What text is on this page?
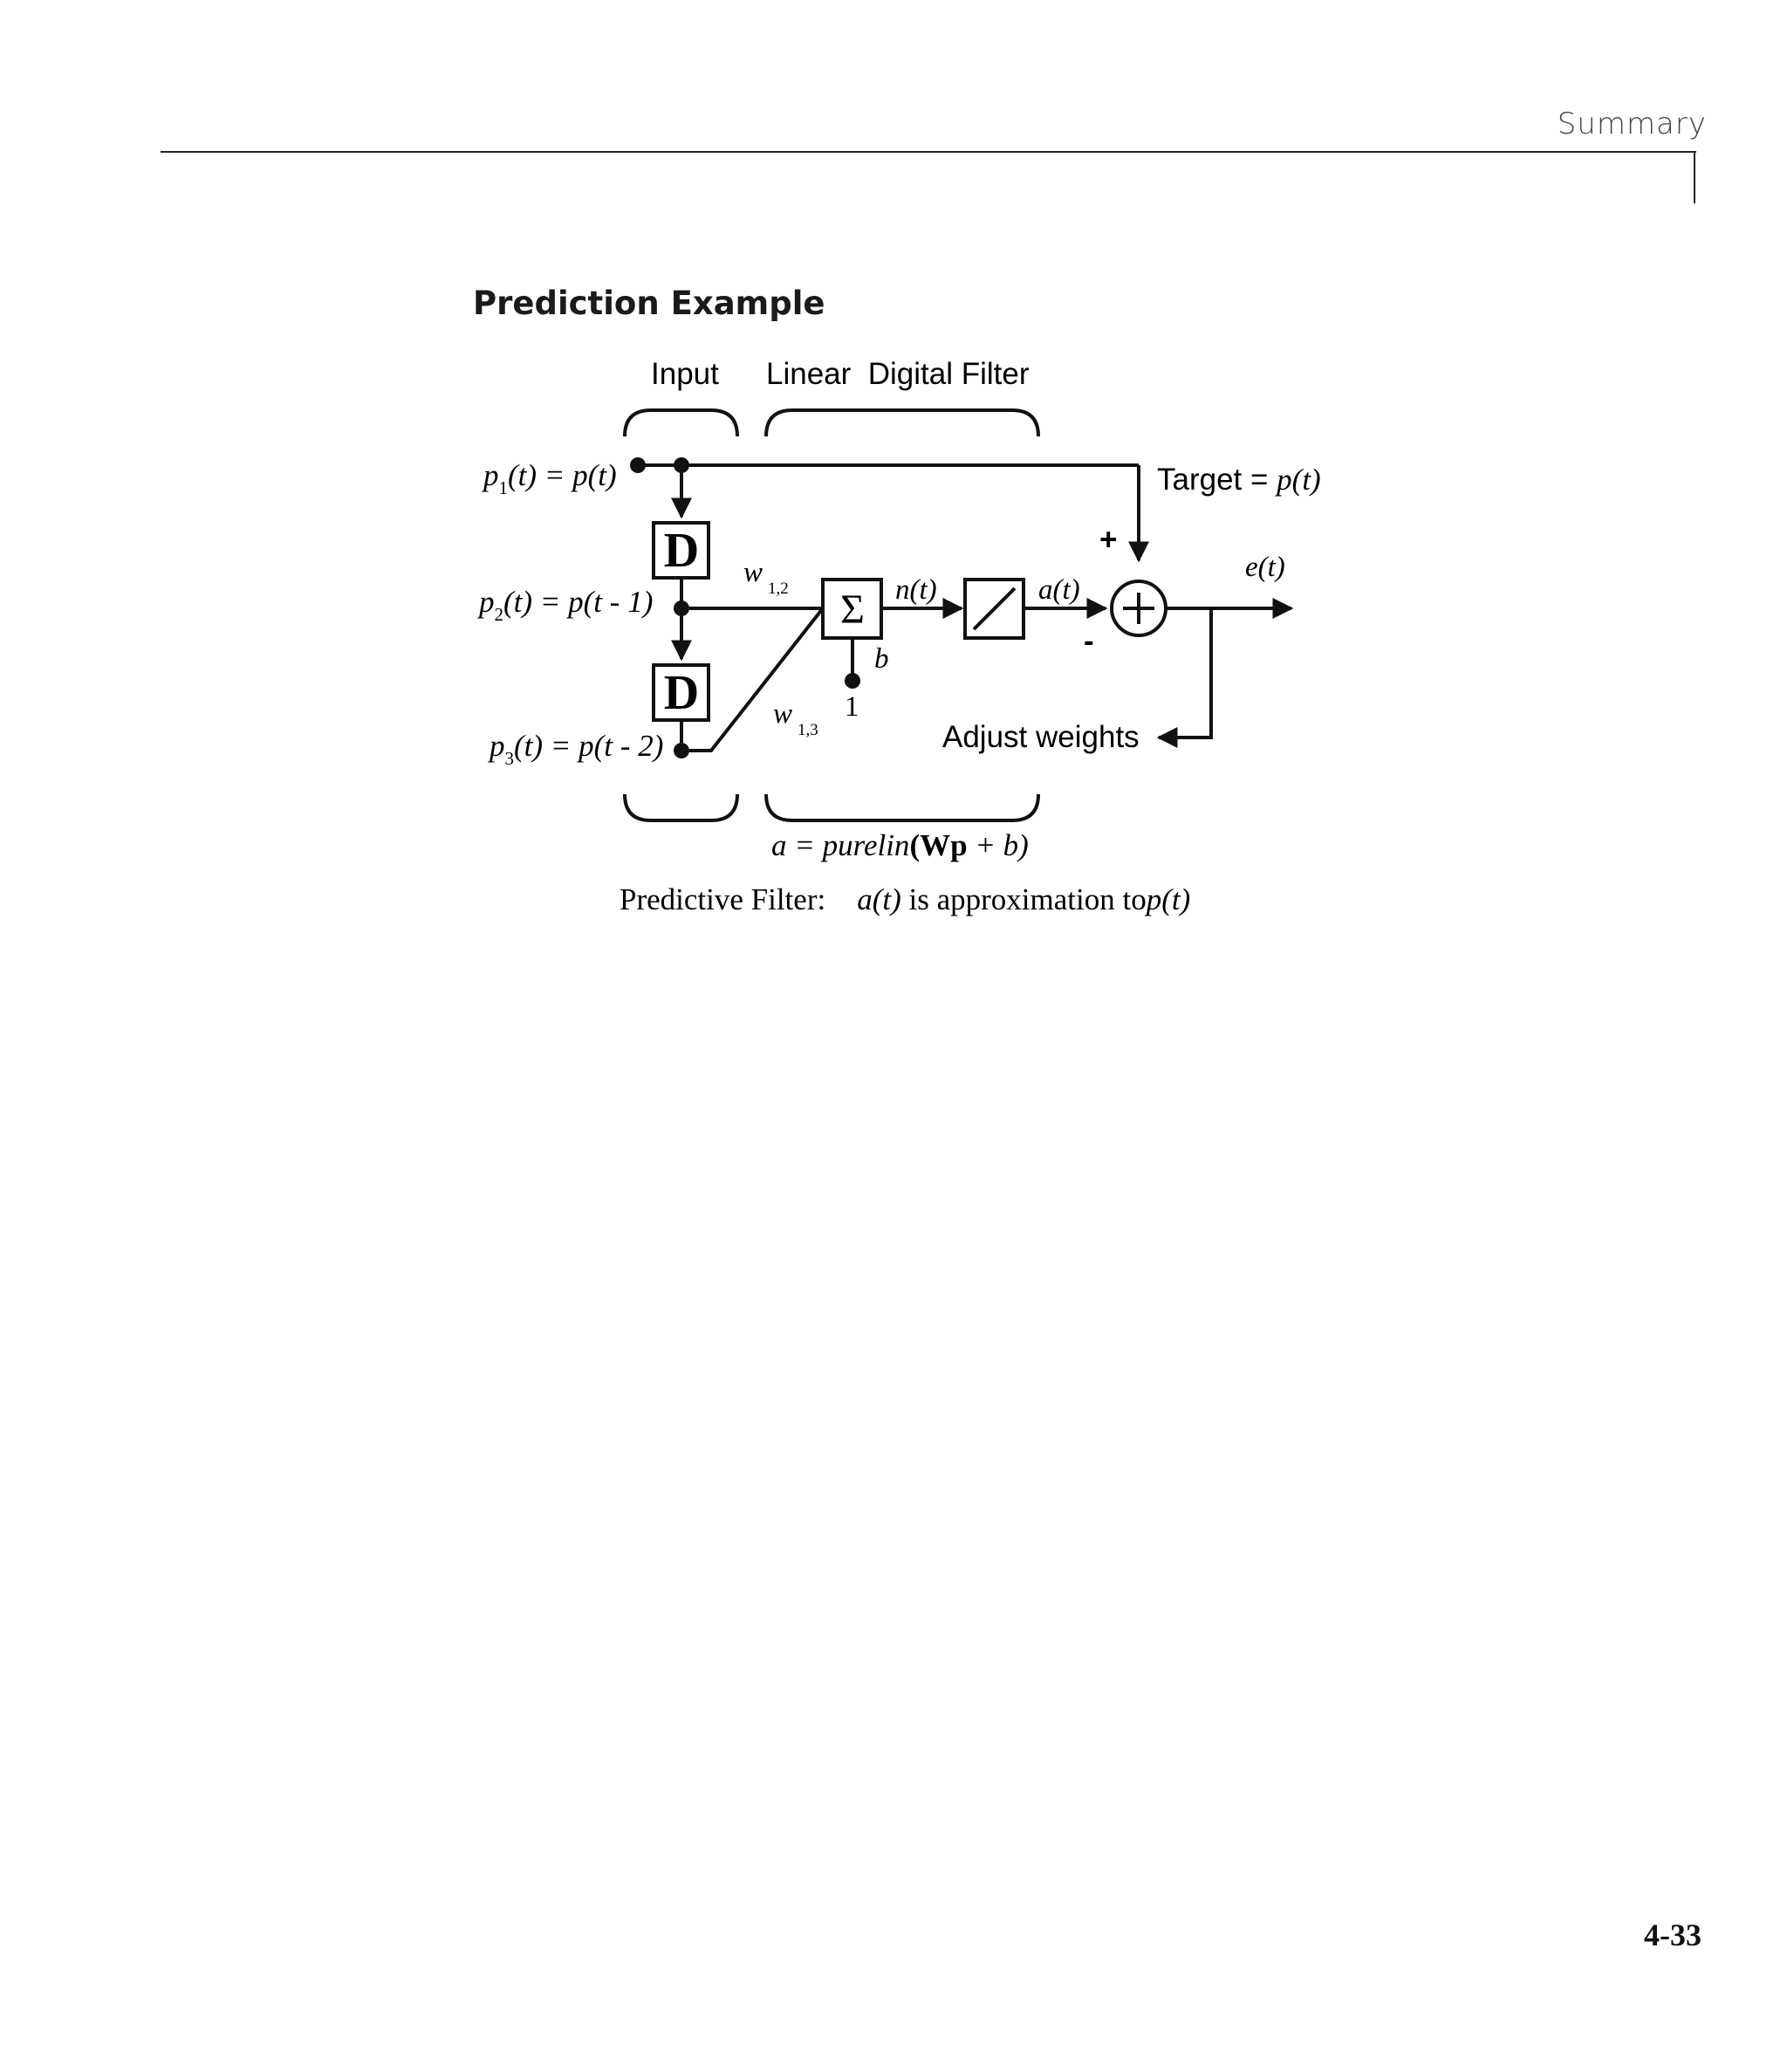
Summary
Prediction Example
Input Linear  Digital Filter
$p_1(t) = p(t)$
$p_2(t) = p(t - 1)$
$p_3(t) = p(t - 2)$
D
D
$w_{1,2}$
$w_{1,3}$
Σ
b
1
n(t)	a(t)
e(t)
+
-
Target = p(t)
Adjust weights
a = purelin(Wp + b)
Predictive Filter: a(t) is approximation top(t)
4-33
